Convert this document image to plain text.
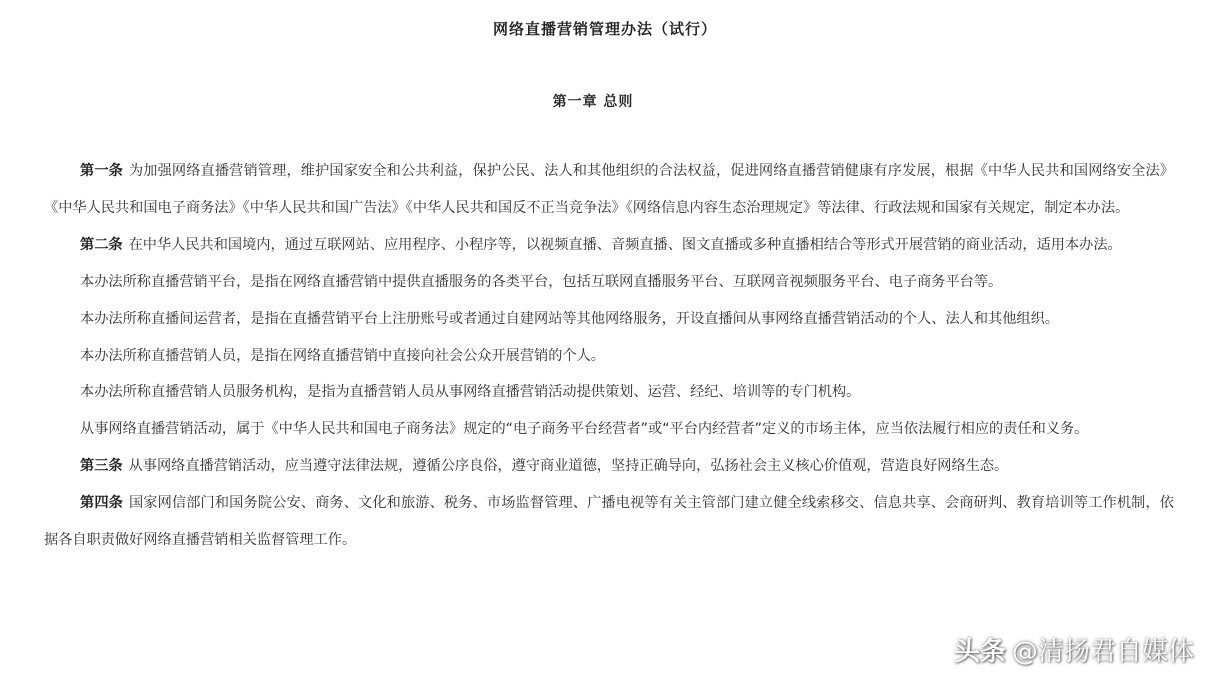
网络直播营销管理办法（试行）
第一章 总则

第一条 为加强网络直播营销管理，维护国家安全和公共利益，保护公民、法人和其他组织的合法权益，促进网络直播营销健康有序发展，根据《中华人民共和国网络安全法》《中华人民共和国电子商务法》《中华人民共和国广告法》《中华人民共和国反不正当竞争法》《网络信息内容生态治理规定》等法律、行政法规和国家有关规定，制定本办法。

第二条 在中华人民共和国境内，通过互联网站、应用程序、小程序等，以视频直播、音频直播、图文直播或多种直播相结合等形式开展营销的商业活动，适用本办法。

本办法所称直播营销平台，是指在网络直播营销中提供直播服务的各类平台，包括互联网直播服务平台、互联网音视频服务平台、电子商务平台等。

本办法所称直播间运营者，是指在直播营销平台上注册账号或者通过自建网站等其他网络服务，开设直播间从事网络直播营销活动的个人、法人和其他组织。

本办法所称直播营销人员，是指在网络直播营销中直接向社会公众开展营销的个人。

本办法所称直播营销人员服务机构，是指为直播营销人员从事网络直播营销活动提供策划、运营、经纪、培训等的专门机构。

从事网络直播营销活动，属于《中华人民共和国电子商务法》规定的“电子商务平台经营者”或“平台内经营者”定义的市场主体，应当依法履行相应的责任和义务。

第三条 从事网络直播营销活动，应当遵守法律法规，遵循公序良俗，遵守商业道德，坚持正确导向，弘扬社会主义核心价值观，营造良好网络生态。

第四条 国家网信部门和国务院公安、商务、文化和旅游、税务、市场监督管理、广播电视等有关主管部门建立健全线索移交、信息共享、会商研判、教育培训等工作机制，依据各自职责做好网络直播营销相关监督管理工作。

头条 @清扬君自媒体
